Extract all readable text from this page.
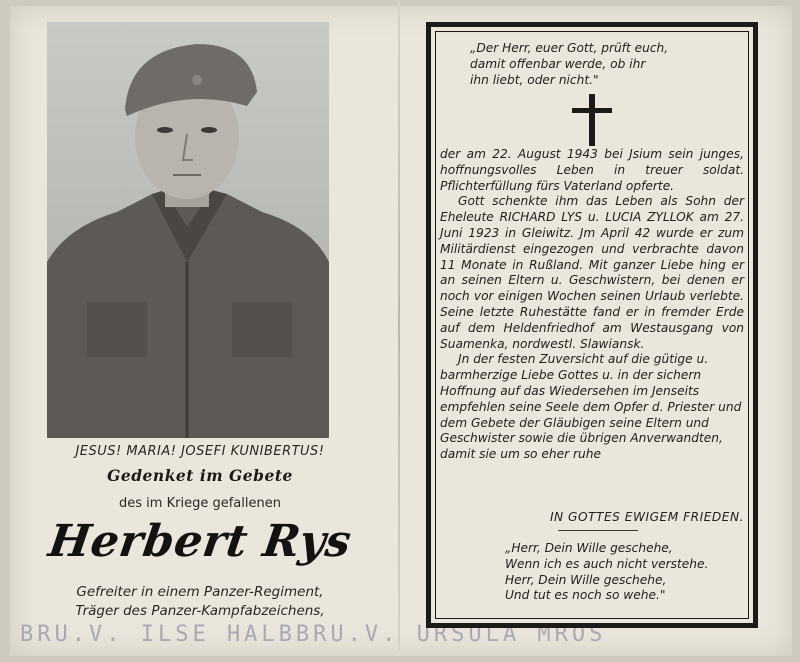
JESUS! MARIA! JOSEFI KUNIBERTUS!
Gedenket im Gebete
des im Kriege gefallenen
Herbert Rys
Gefreiter in einem Panzer-Regiment,
Träger des Panzer-Kampfabzeichens,
BRU.V. ILSE HALBBRU.V. URSULA MROS
„Der Herr, euer Gott, prüft euch,
damit offenbar werde, ob ihr
ihn liebt, oder nicht."

der am 22. August 1943 bei Jsium sein junges, hoffnungsvolles Leben in treuer soldat. Pflichterfüllung fürs Vaterland opferte.

Gott schenkte ihm das Leben als Sohn der Eheleute RICHARD LYS u. LUCIA ZYLLOK am 27. Juni 1923 in Gleiwitz. Jm April 42 wurde er zum Militärdienst eingezogen und verbrachte davon 11 Monate in Rußland. Mit ganzer Liebe hing er an seinen Eltern u. Geschwistern, bei denen er noch vor einigen Wochen seinen Urlaub verlebte. Seine letzte Ruhestätte fand er in fremder Erde auf dem Heldenfriedhof am Westausgang von Suamenka, nordwestl. Slawiansk.

Jn der festen Zuversicht auf die gütige u. barmherzige Liebe Gottes u. in der sichern Hoffnung auf das Wiedersehen im Jenseits empfehlen seine Seele dem Opfer d. Priester und dem Gebete der Gläubigen seine Eltern und Geschwister sowie die übrigen Anverwandten, damit sie um so eher ruhe

IN GOTTES EWIGEM FRIEDEN.
„Herr, Dein Wille geschehe,
Wenn ich es auch nicht verstehe.
Herr, Dein Wille geschehe,
Und tut es noch so wehe."
